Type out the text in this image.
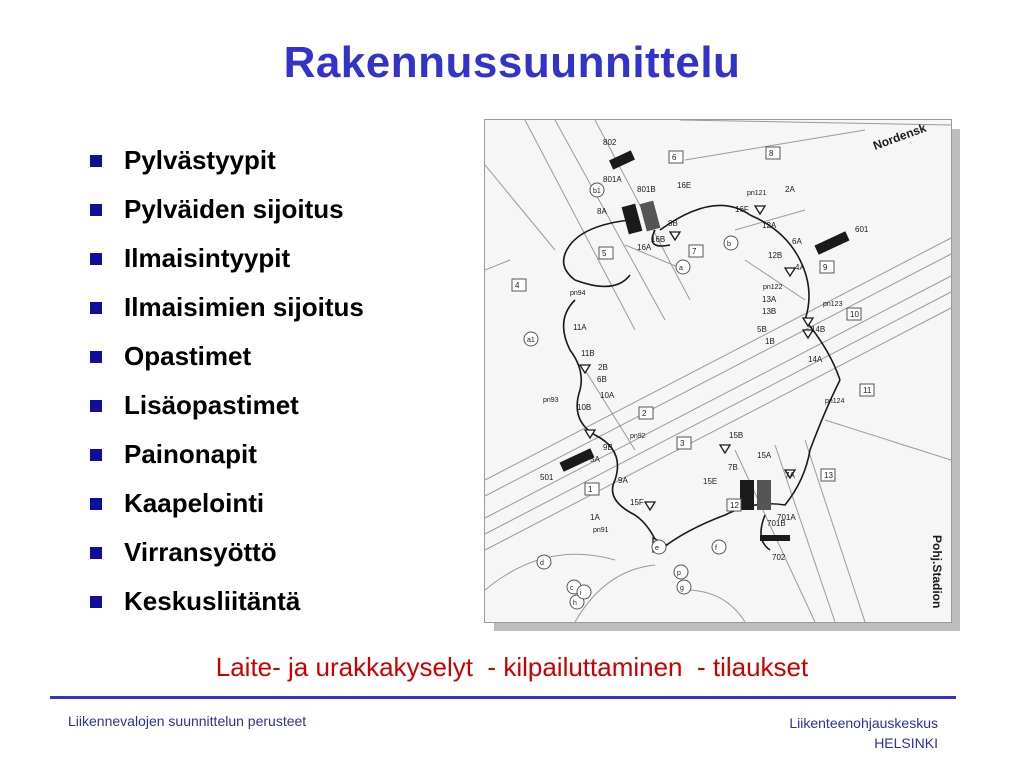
Rakennussuunnittelu
Pylvästyypit
Pylväiden sijoitus
Ilmaisintyypit
Ilmaisimien sijoitus
Opastimet
Lisäopastimet
Painonapit
Kaapelointi
Virransyöttö
Keskusliitäntä
802
801A
801B	16E
8A
8B
16A
16B
16F
2A
12A
12B
6A
601
4A
13A
13B
5B
1B
14B
14A
11A
11B
2B
6B
10B
10A
9B
5A
501	9A
15F
1A
15B
7B
15A
15E
7A
701A
701B
702
pn94
pn93
pn92
pn91
pn121
pn122
pn123
pn124
6	8
5	7
9
4
10
11
2
3
1
13
12
b1
a
b
a1
c
d
e	f
g
h
i
p
Nordensk
Pohj.Stadion
Laite- ja urakkakyselyt  - kilpailuttaminen  - tilaukset
Liikennevalojen suunnittelun perusteet	Liikenteenohjauskeskus
HELSINKI
